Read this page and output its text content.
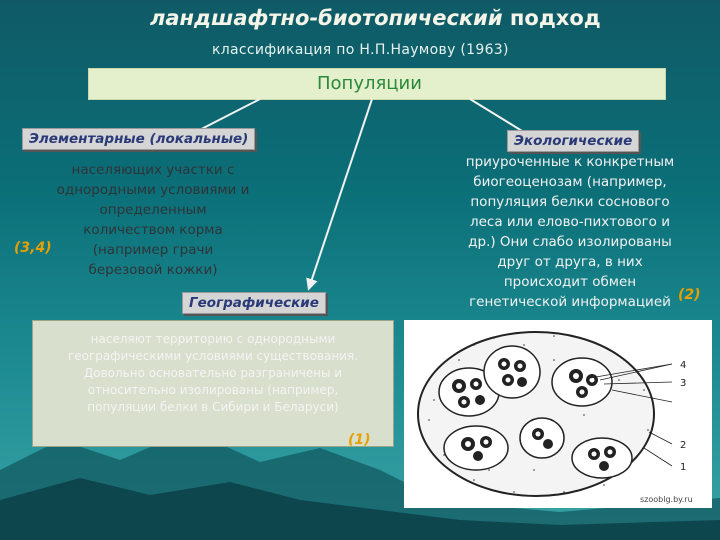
ландшафтно-биотопический подход
классификация по Н.П.Наумову (1963)
Популяции
Элементарные (локальные)
населяющих участки с
однородными условиями и
определенным
количеством корма
(например грачи
березовой кожки)
(3,4)
Экологические
приуроченные к конкретным
биогеоценозам (например,
популяция белки соснового
леса или елово-пихтового и
др.) Они слабо изолированы
друг от друга, в них
происходит обмен
генетической информацией (2)
Географические
населяют территорию с однородными
географическими условиями существования.
Довольно основательно разграничены и
относительно изолированы (например,
популяции белки в Сибири и Беларуси)
(1)
4
3
2
1
szooblg.by.ru
